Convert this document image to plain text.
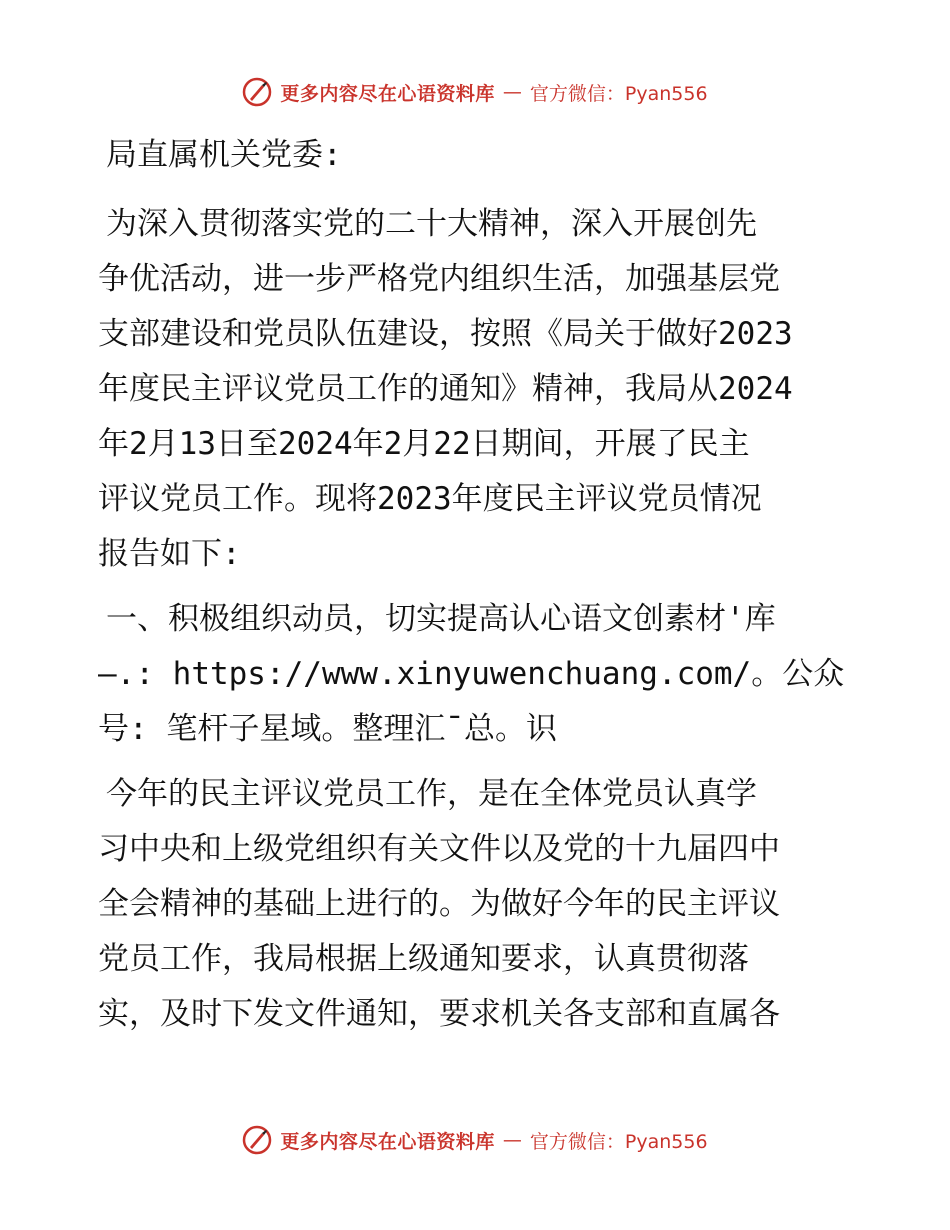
更多内容尽在心语资料库 — 官方微信：Pyan556
局直属机关党委:
为深入贯彻落实党的二十大精神，深入开展创先
争优活动，进一步严格党内组织生活，加强基层党
支部建设和党员队伍建设，按照《局关于做好2023
年度民主评议党员工作的通知》精神，我局从2024
年2月13日至2024年2月22日期间，开展了民主
评议党员工作。现将2023年度民主评议党员情况
报告如下:
一、积极组织动员，切实提高认心语文创素材'库
—.: https://www.xinyuwenchuang.com/。公众
号: 笔杆子星域。整理汇¯总。识
今年的民主评议党员工作，是在全体党员认真学
习中央和上级党组织有关文件以及党的十九届四中
全会精神的基础上进行的。为做好今年的民主评议
党员工作，我局根据上级通知要求，认真贯彻落
实，及时下发文件通知，要求机关各支部和直属各
更多内容尽在心语资料库 — 官方微信：Pyan556
